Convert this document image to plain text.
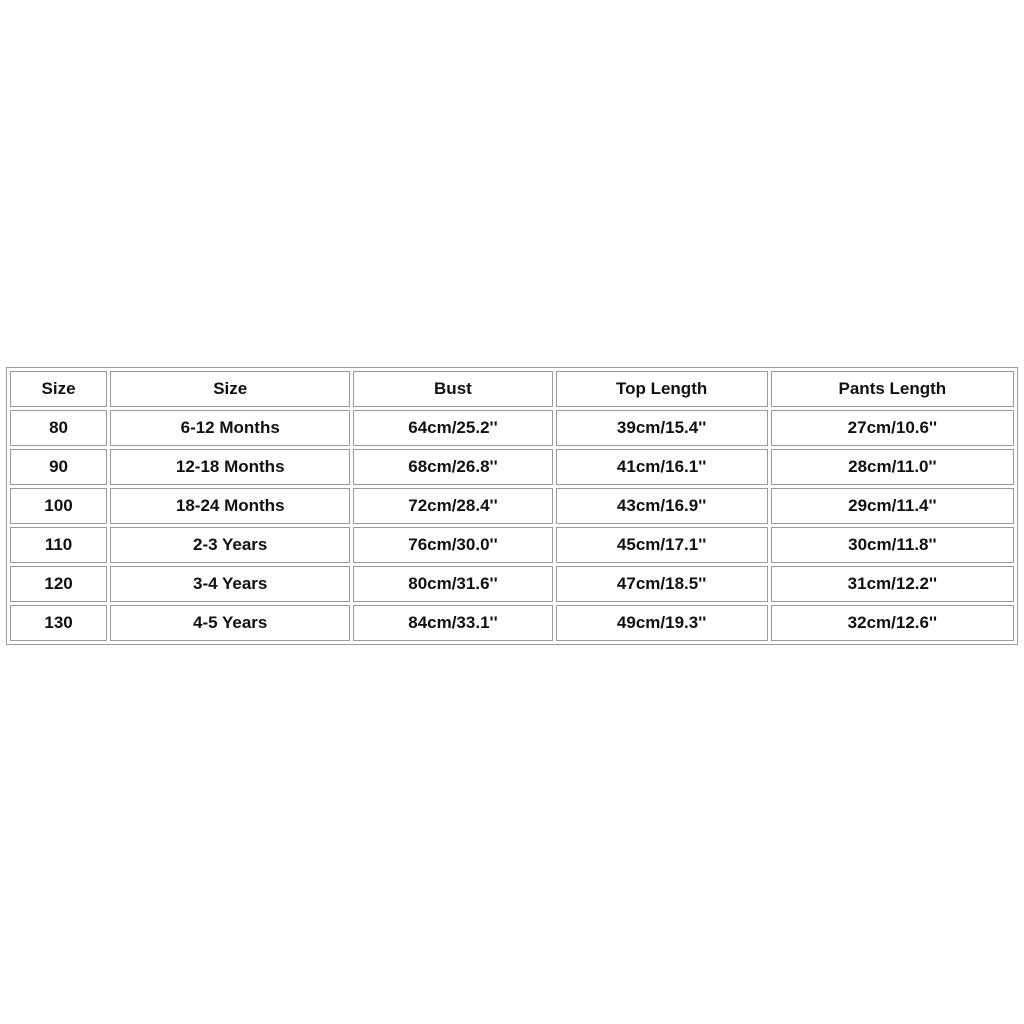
Size	Size	Bust	Top Length	Pants Length
80	6-12 Months	64cm/25.2''	39cm/15.4''	27cm/10.6''
90	12-18 Months	68cm/26.8''	41cm/16.1''	28cm/11.0''
100	18-24 Months	72cm/28.4''	43cm/16.9''	29cm/11.4''
110	2-3 Years	76cm/30.0''	45cm/17.1''	30cm/11.8''
120	3-4 Years	80cm/31.6''	47cm/18.5''	31cm/12.2''
130	4-5 Years	84cm/33.1''	49cm/19.3''	32cm/12.6''
